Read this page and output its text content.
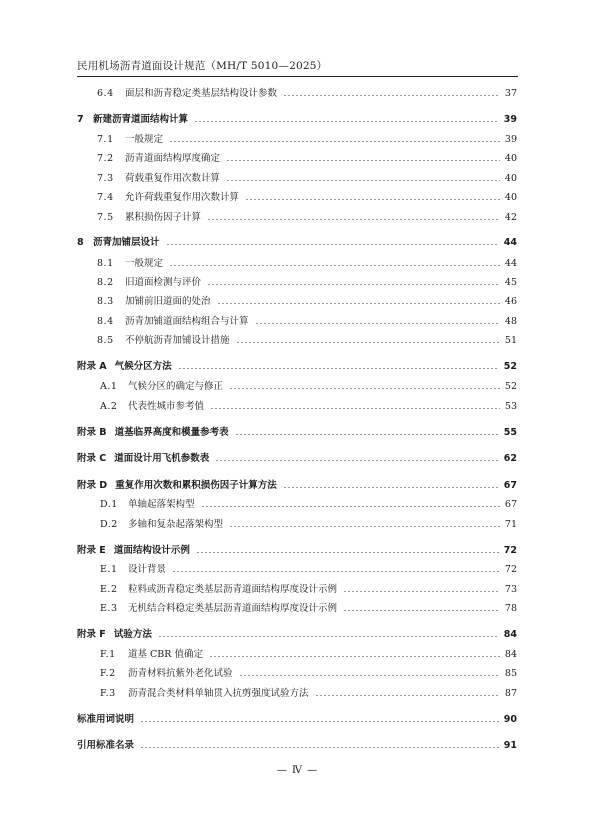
民用机场沥青道面设计规范（MH/T 5010—2025）
6.4	面层和沥青稳定类基层结构设计参数	37
7 新建沥青道面结构计算	39
7.1	一般规定	39
7.2	沥青道面结构厚度确定	40
7.3	荷载重复作用次数计算	40
7.4	允许荷载重复作用次数计算	40
7.5	累积损伤因子计算	42
8 沥青加铺层设计	44
8.1	一般规定	44
8.2	旧道面检测与评价	45
8.3	加铺前旧道面的处治	46
8.4	沥青加铺道面结构组合与计算	48
8.5	不停航沥青加铺设计措施	51
附录 A 气候分区方法	52
A.1	气候分区的确定与修正	52
A.2	代表性城市参考值	53
附录 B 道基临界高度和模量参考表	55
附录 C 道面设计用飞机参数表	62
附录 D 重复作用次数和累积损伤因子计算方法	67
D.1	单轴起落架构型	67
D.2	多轴和复杂起落架构型	71
附录 E 道面结构设计示例	72
E.1	设计背景	72
E.2	粒料或沥青稳定类基层沥青道面结构厚度设计示例	73
E.3	无机结合料稳定类基层沥青道面结构厚度设计示例	78
附录 F 试验方法	84
F.1	道基 CBR 值确定	84
F.2	沥青材料抗紫外老化试验	85
F.3	沥青混合类材料单轴贯入抗剪强度试验方法	87
标准用词说明	90
引用标准名录	91
— Ⅳ —
